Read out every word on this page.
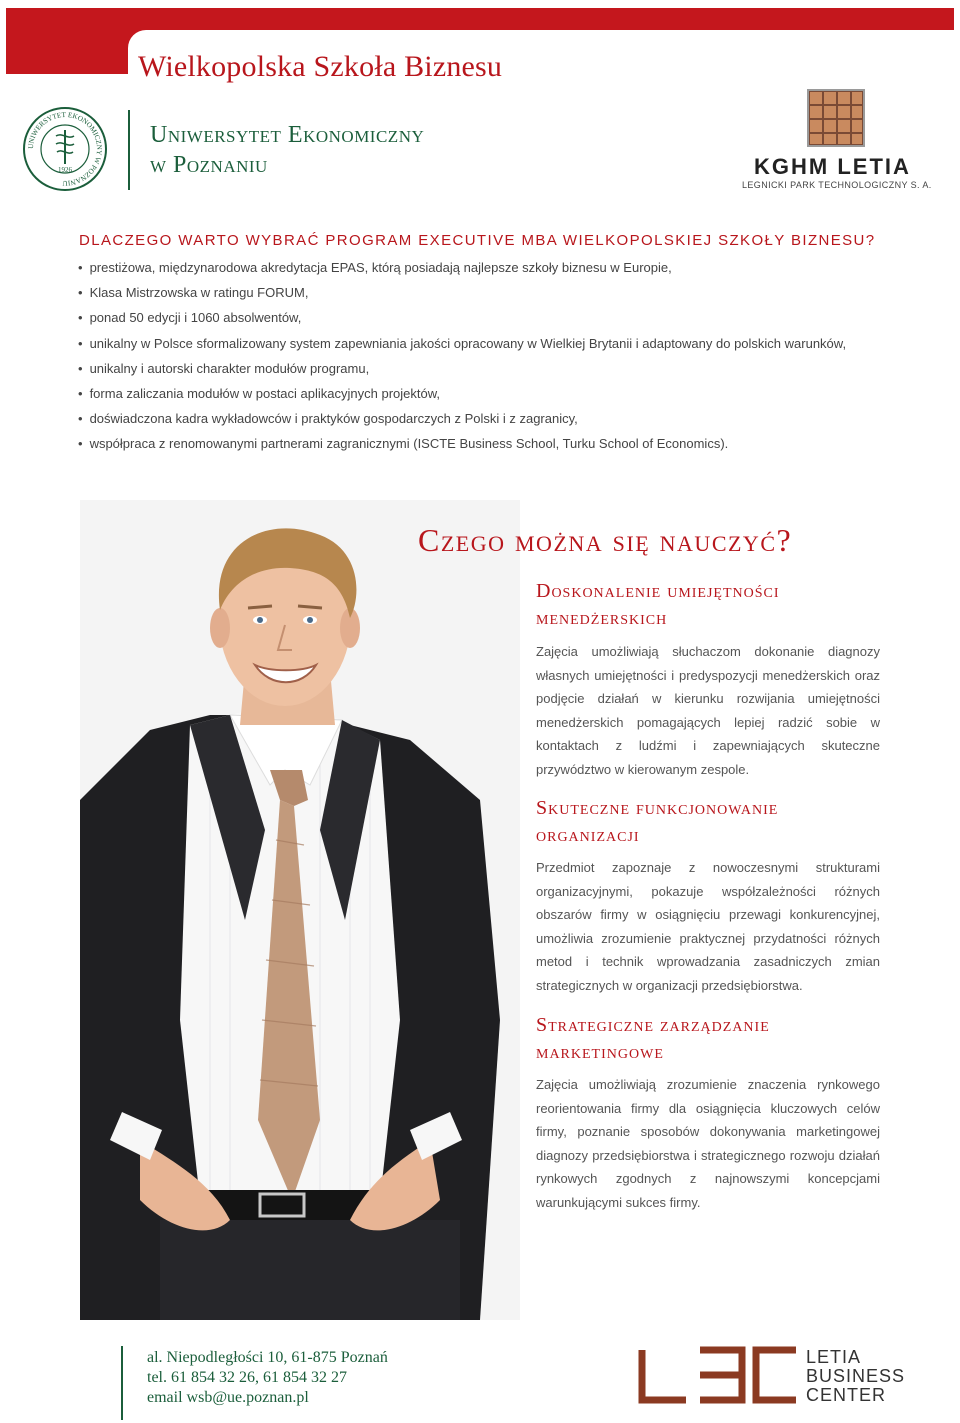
Wielkopolska Szkoła Biznesu
UNIWERSYTET EKONOMICZNY W POZNANIU
1926
Uniwersytet Ekonomiczny
w Poznaniu	KGHM LETIA
LEGNICKI PARK TECHNOLOGICZNY S. A.
DLACZEGO WARTO WYBRAĆ PROGRAM EXECUTIVE MBA WIELKOPOLSKIEJ SZKOŁY BIZNESU?
• prestiżowa, międzynarodowa akredytacja EPAS, którą posiadają najlepsze szkoły biznesu w Europie,
• Klasa Mistrzowska w ratingu FORUM,
• ponad 50 edycji i 1060 absolwentów,
• unikalny w Polsce sformalizowany system zapewniania jakości opracowany w Wielkiej Brytanii i adaptowany do polskich warunków,
• unikalny i autorski charakter modułów programu,
• forma zaliczania modułów w postaci aplikacyjnych projektów,
• doświadczona kadra wykładowców i praktyków gospodarczych z Polski i z zagranicy,
• współpraca z renomowanymi partnerami zagranicznymi (ISCTE Business School, Turku School of Economics).
Czego można się nauczyć?
Doskonalenie umiejętności
menedżerskich
Zajęcia umożliwiają słuchaczom dokonanie diagnozy własnych umiejętności i predyspozycji menedżerskich oraz podjęcie działań w kierunku rozwijania umiejętności menedżerskich pomagających lepiej radzić sobie w kontaktach z ludźmi i zapewniających skuteczne przywództwo w kierowanym zespole.
Skuteczne funkcjonowanie
organizacji
Przedmiot zapoznaje z nowoczesnymi strukturami organizacyjnymi, pokazuje współzależności różnych obszarów firmy w osiągnięciu przewagi konkurencyjnej, umożliwia zrozumienie praktycznej przydatności różnych metod i technik wprowadzania zasadniczych zmian strategicznych w organizacji przedsiębiorstwa.
Strategiczne zarządzanie
marketingowe
Zajęcia umożliwiają zrozumienie znaczenia rynkowego reorientowania firmy dla osiągnięcia kluczowych celów firmy, poznanie sposobów dokonywania marketingowej diagnozy przedsiębiorstwa i strategicznego rozwoju działań rynkowych zgodnych z najnowszymi koncepcjami warunkującymi sukces firmy.
al. Niepodległości 10, 61-875 Poznań
tel. 61 854 32 26, 61 854 32 27
email wsb@ue.poznan.pl
LETIA
BUSINESS
CENTER
